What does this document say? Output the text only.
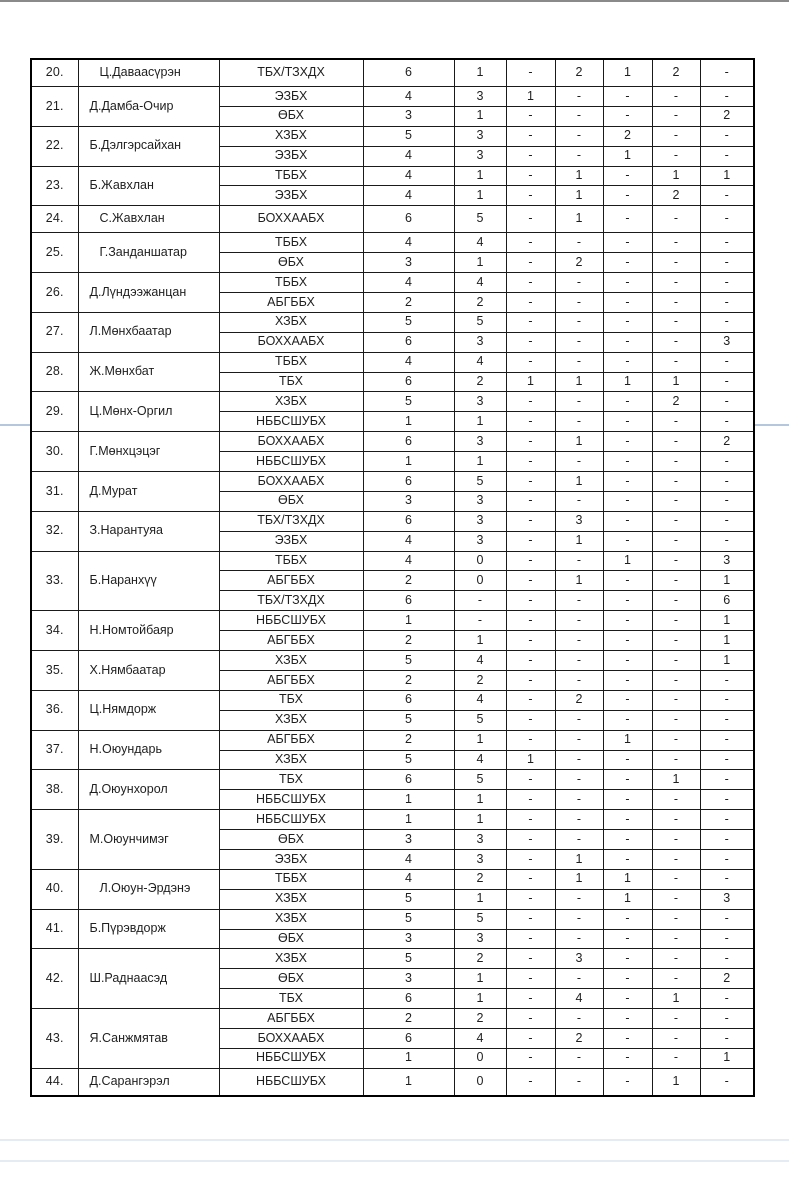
20.	Ц.Даваасүрэн	ТБХ/ТЗХДХ	6	1	-	2	1	2	-
21.	Д.Дамба-Очир	ЭЗБХ	4	3	1	-	-	-	-
		ӨБХ	3	1	-	-	-	-	2
22.	Б.Дэлгэрсайхан	ХЗБХ	5	3	-	-	2	-	-
		ЭЗБХ	4	3	-	-	1	-	-
23.	Б.Жавхлан	ТББХ	4	1	-	1	-	1	1
		ЭЗБХ	4	1	-	1	-	2	-
24.	С.Жавхлан	БОХХААБХ	6	5	-	1	-	-	-
25.	Г.Занданшатар	ТББХ	4	4	-	-	-	-	-
		ӨБХ	3	1	-	2	-	-	-
26.	Д.Лүндээжанцан	ТББХ	4	4	-	-	-	-	-
		АБГББХ	2	2	-	-	-	-	-
27.	Л.Мөнхбаатар	ХЗБХ	5	5	-	-	-	-	-
		БОХХААБХ	6	3	-	-	-	-	3
28.	Ж.Мөнхбат	ТББХ	4	4	-	-	-	-	-
		ТБХ	6	2	1	1	1	1	-
29.	Ц.Мөнх-Оргил	ХЗБХ	5	3	-	-	-	2	-
		НББСШУБХ	1	1	-	-	-	-	-
30.	Г.Мөнхцэцэг	БОХХААБХ	6	3	-	1	-	-	2
		НББСШУБХ	1	1	-	-	-	-	-
31.	Д.Мурат	БОХХААБХ	6	5	-	1	-	-	-
		ӨБХ	3	3	-	-	-	-	-
32.	З.Нарантуяа	ТБХ/ТЗХДХ	6	3	-	3	-	-	-
		ЭЗБХ	4	3	-	1	-	-	-
33.	Б.Наранхүү	ТББХ	4	0	-	-	1	-	3
		АБГББХ	2	0	-	1	-	-	1
		ТБХ/ТЗХДХ	6	-	-	-	-	-	6
34.	Н.Номтойбаяр	НББСШУБХ	1	-	-	-	-	-	1
		АБГББХ	2	1	-	-	-	-	1
35.	Х.Нямбаатар	ХЗБХ	5	4	-	-	-	-	1
		АБГББХ	2	2	-	-	-	-	-
36.	Ц.Нямдорж	ТБХ	6	4	-	2	-	-	-
		ХЗБХ	5	5	-	-	-	-	-
37.	Н.Оюундарь	АБГББХ	2	1	-	-	1	-	-
		ХЗБХ	5	4	1	-	-	-	-
38.	Д.Оюунхорол	ТБХ	6	5	-	-	-	1	-
		НББСШУБХ	1	1	-	-	-	-	-
39.	М.Оюунчимэг	НББСШУБХ	1	1	-	-	-	-	-
		ӨБХ	3	3	-	-	-	-	-
		ЭЗБХ	4	3	-	1	-	-	-
40.	Л.Оюун-Эрдэнэ	ТББХ	4	2	-	1	1	-	-
		ХЗБХ	5	1	-	-	1	-	3
41.	Б.Пүрэвдорж	ХЗБХ	5	5	-	-	-	-	-
		ӨБХ	3	3	-	-	-	-	-
42.	Ш.Раднаасэд	ХЗБХ	5	2	-	3	-	-	-
		ӨБХ	3	1	-	-	-	-	2
		ТБХ	6	1	-	4	-	1	-
43.	Я.Санжмятав	АБГББХ	2	2	-	-	-	-	-
		БОХХААБХ	6	4	-	2	-	-	-
		НББСШУБХ	1	0	-	-	-	-	1
44.	Д.Сарангэрэл	НББСШУБХ	1	0	-	-	-	1	-
